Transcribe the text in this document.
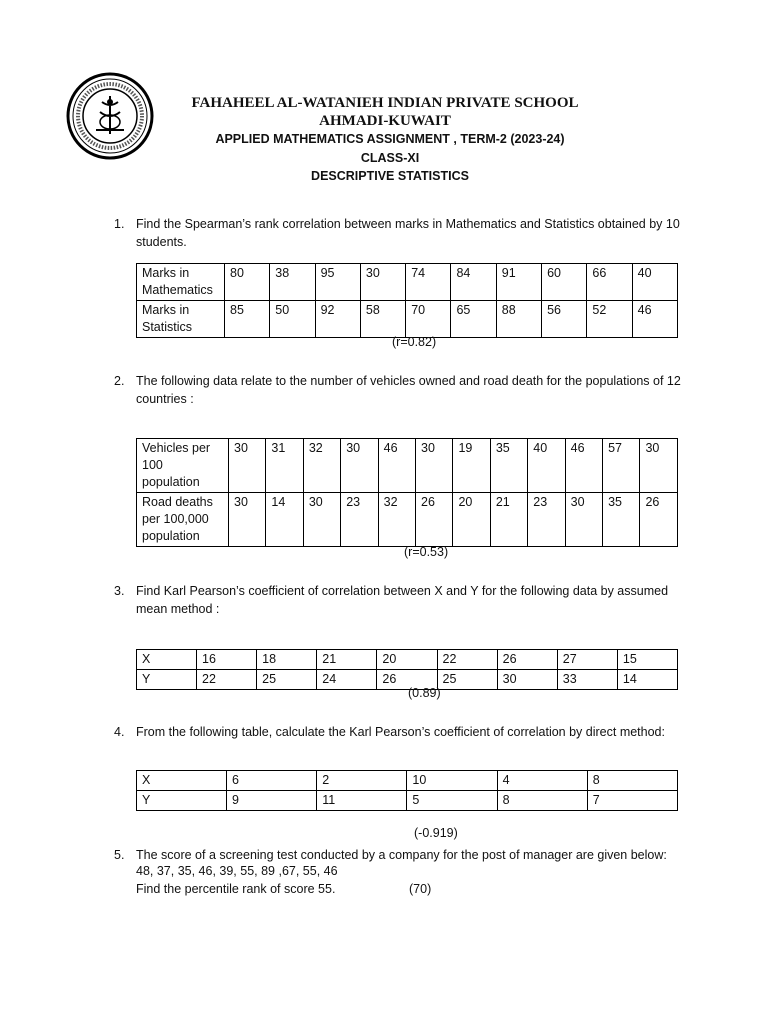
FAHAHEEL AL-WATANIEH INDIAN PRIVATE SCHOOL
AHMADI-KUWAIT
APPLIED MATHEMATICS ASSIGNMENT , TERM-2 (2023-24)
CLASS-XI
DESCRIPTIVE STATISTICS
1. Find the Spearman’s rank correlation between marks in Mathematics and Statistics obtained by 10 students.
Marks in Mathematics	80	38	95	30	74	84	91	60	66	40
Marks in Statistics	85	50	92	58	70	65	88	56	52	46
(r=0.82)
2. The following data relate to the number of vehicles owned and road death for the populations of 12 countries :
Vehicles per 100 population	30	31	32	30	46	30	19	35	40	46	57	30
Road deaths per 100,000 population	30	14	30	23	32	26	20	21	23	30	35	26
(r=0.53)
3. Find Karl Pearson’s coefficient of correlation between X and Y for the following data by assumed mean method :
X	16	18	21	20	22	26	27	15
Y	22	25	24	26	25	30	33	14
(0.89)
4. From the following table, calculate the Karl Pearson’s coefficient of correlation by direct method:
X	6	2	10	4	8
Y	9	11	5	8	7
(-0.919)
5. The score of a screening test conducted by a company for the post of manager are given below:
48, 37, 35, 46, 39, 55, 89 ,67, 55, 46
Find the percentile rank of score 55.	(70)
